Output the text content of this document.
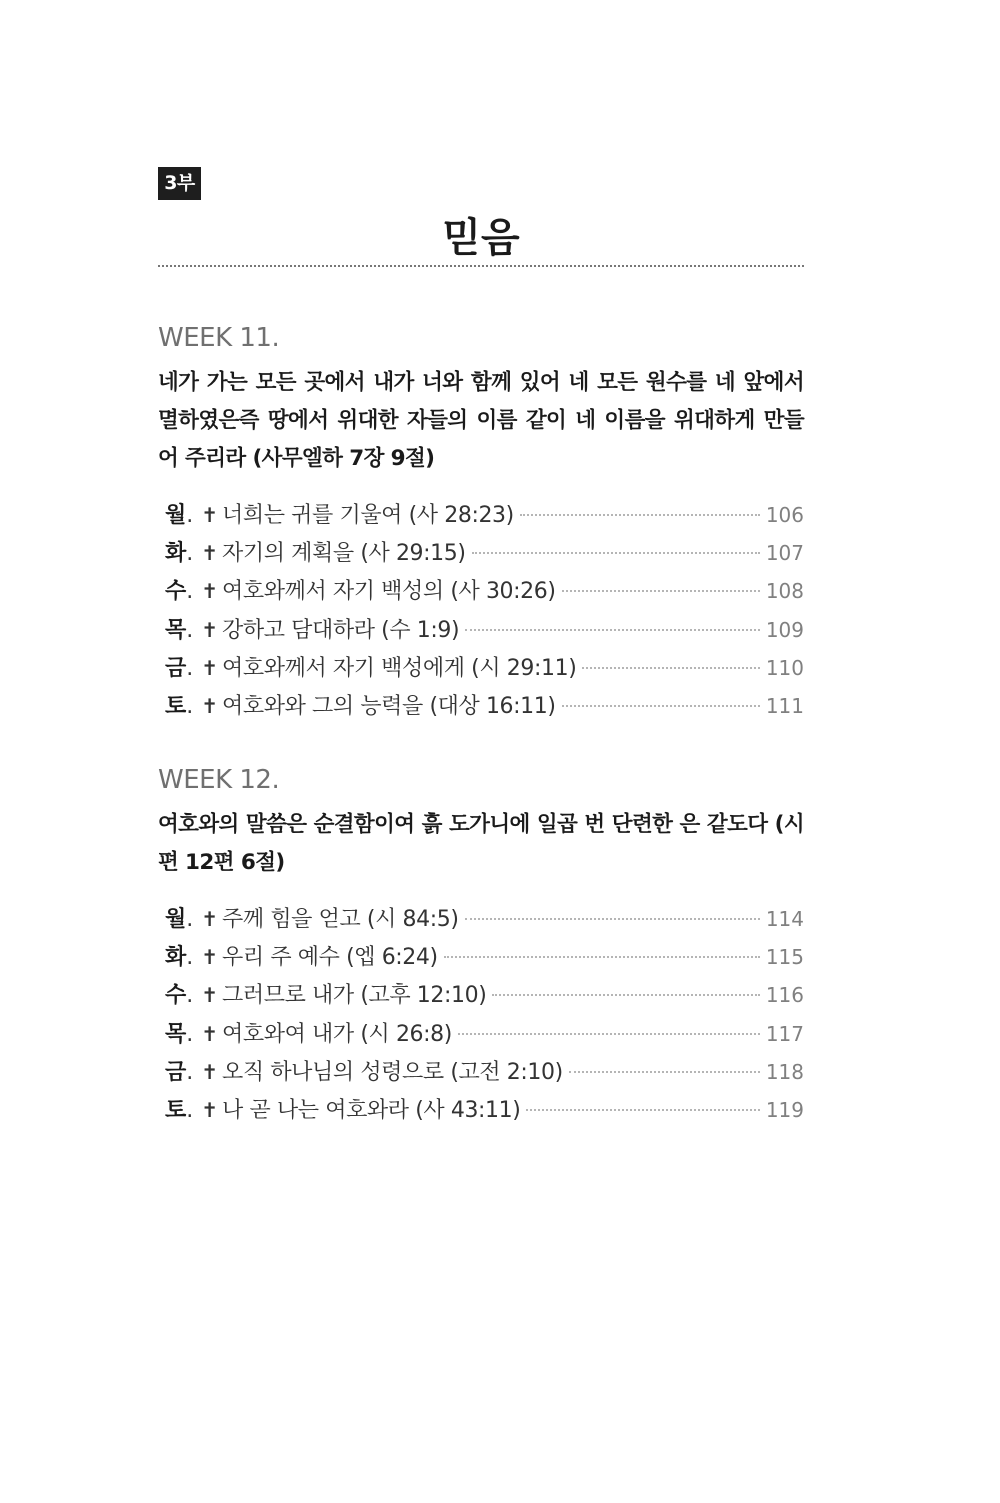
3부
믿음
WEEK 11.
네가 가는 모든 곳에서 내가 너와 함께 있어 네 모든 원수를 네 앞에서 멸하였은즉 땅에서 위대한 자들의 이름 같이 네 이름을 위대하게 만들어 주리라 (사무엘하 7장 9절)
월 . ✝ 너희는 귀를 기울여 (사 28:23)	106
화 . ✝ 자기의 계획을 (사 29:15)	107
수 . ✝ 여호와께서 자기 백성의 (사 30:26)	108
목 . ✝ 강하고 담대하라 (수 1:9)	109
금 . ✝ 여호와께서 자기 백성에게 (시 29:11)	110
토 . ✝ 여호와와 그의 능력을 (대상 16:11)	111
WEEK 12.
여호와의 말씀은 순결함이여 흙 도가니에 일곱 번 단련한 은 같도다 (시편 12편 6절)
월 . ✝ 주께 힘을 얻고 (시 84:5)	114
화 . ✝ 우리 주 예수 (엡 6:24)	115
수 . ✝ 그러므로 내가 (고후 12:10)	116
목 . ✝ 여호와여 내가 (시 26:8)	117
금 . ✝ 오직 하나님의 성령으로 (고전 2:10)	118
토 . ✝ 나 곧 나는 여호와라 (사 43:11)	119
